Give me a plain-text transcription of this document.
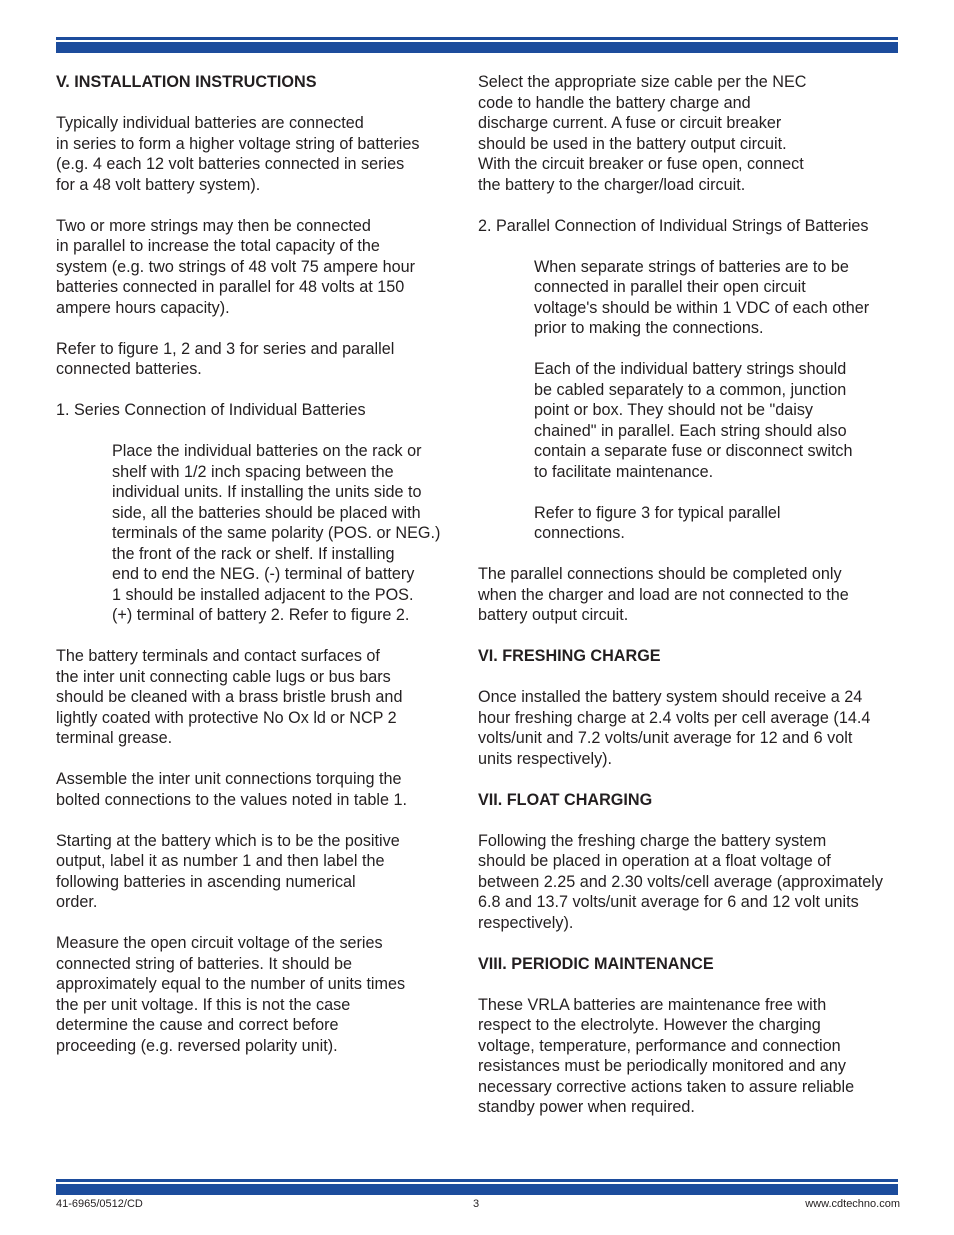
V. INSTALLATION INSTRUCTIONS

Typically individual batteries are connected
in series to form a higher voltage string of batteries
(e.g. 4 each 12 volt batteries connected in series
for a 48 volt battery system).

Two or more strings may then be connected
in parallel to increase the total capacity of the
system (e.g. two strings of 48 volt 75 ampere hour
batteries connected in parallel for 48 volts at 150
ampere hours capacity).

Refer to figure 1, 2 and 3 for series and parallel
connected batteries.

1. Series Connection of Individual Batteries

Place the individual batteries on the rack or
shelf with 1/2 inch spacing between the
individual units. If installing the units side to
side, all the batteries should be placed with
terminals of the same polarity (POS. or NEG.)
the front of the rack or shelf. If installing
end to end the NEG. (-) terminal of battery
1 should be installed adjacent to the POS.
(+) terminal of battery 2. Refer to figure 2.

The battery terminals and contact surfaces of
the inter unit connecting cable lugs or bus bars
should be cleaned with a brass bristle brush and
lightly coated with protective No Ox ld or NCP 2
terminal grease.

Assemble the inter unit connections torquing the
bolted connections to the values noted in table 1.

Starting at the battery which is to be the positive
output, label it as number 1 and then label the
following batteries in ascending numerical
order.

Measure the open circuit voltage of the series
connected string of batteries. It should be
approximately equal to the number of units times
the per unit voltage. If this is not the case
determine the cause and correct before
proceeding (e.g. reversed polarity unit).

Select the appropriate size cable per the NEC
code to handle the battery charge and
discharge current. A fuse or circuit breaker
should be used in the battery output circuit.
With the circuit breaker or fuse open, connect
the battery to the charger/load circuit.

2. Parallel Connection of Individual Strings of Batteries

When separate strings of batteries are to be
connected in parallel their open circuit
voltage's should be within 1 VDC of each other
prior to making the connections.

Each of the individual battery strings should
be cabled separately to a common, junction
point or box. They should not be "daisy
chained" in parallel. Each string should also
contain a separate fuse or disconnect switch
to facilitate maintenance.

Refer to figure 3 for typical parallel
connections.

The parallel connections should be completed only
when the charger and load are not connected to the
battery output circuit.

VI. FRESHING CHARGE

Once installed the battery system should receive a 24
hour freshing charge at 2.4 volts per cell average (14.4
volts/unit and 7.2 volts/unit average for 12 and 6 volt
units respectively).

VII. FLOAT CHARGING

Following the freshing charge the battery system
should be placed in operation at a float voltage of
between 2.25 and 2.30 volts/cell average (approximately
6.8 and 13.7 volts/unit average for 6 and 12 volt units
respectively).

VIII. PERIODIC MAINTENANCE

These VRLA batteries are maintenance free with
respect to the electrolyte. However the charging
voltage, temperature, performance and connection
resistances must be periodically monitored and any
necessary corrective actions taken to assure reliable
standby power when required.

41-6965/0512/CD	3	www.cdtechno.com
